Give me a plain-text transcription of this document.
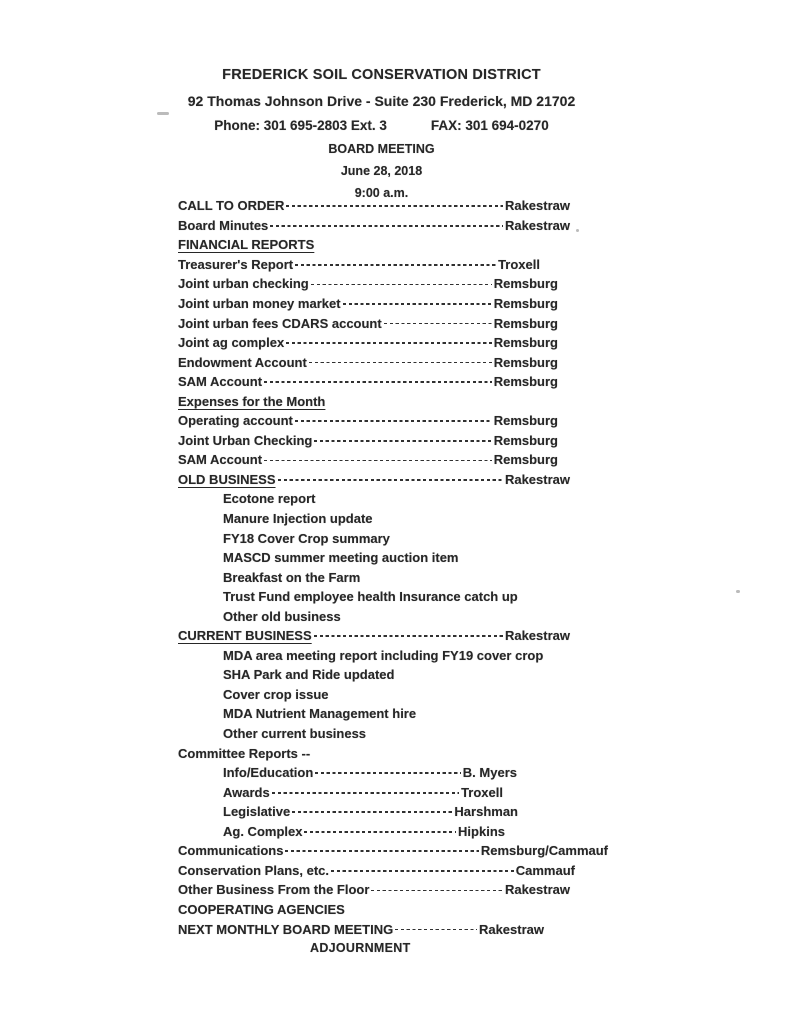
FREDERICK SOIL CONSERVATION DISTRICT
92 Thomas Johnson Drive - Suite 230 Frederick, MD 21702
Phone: 301 695-2803 Ext. 3	FAX: 301 694-0270
BOARD MEETING
June 28, 2018
9:00 a.m.
CALL TO ORDER	Rakestraw
Board Minutes	Rakestraw
FINANCIAL REPORTS
Treasurer's Report	Troxell
Joint urban checking	Remsburg
Joint urban money market	Remsburg
Joint urban fees CDARS account	Remsburg
Joint ag complex	Remsburg
Endowment Account	Remsburg
SAM Account	Remsburg
Expenses for the Month
Operating account	Remsburg
Joint Urban Checking	Remsburg
SAM Account	Remsburg
OLD BUSINESS	Rakestraw
Ecotone report
Manure Injection update
FY18 Cover Crop summary
MASCD summer meeting auction item
Breakfast on the Farm
Trust Fund employee health Insurance catch up
Other old business
CURRENT BUSINESS	Rakestraw
MDA area meeting report including FY19 cover crop
SHA Park and Ride updated
Cover crop issue
MDA Nutrient Management hire
Other current business
Committee Reports --
Info/Education	B. Myers
Awards	Troxell
Legislative	Harshman
Ag. Complex	Hipkins
Communications	Remsburg/Cammauf
Conservation Plans, etc.	Cammauf
Other Business From the Floor	Rakestraw
COOPERATING AGENCIES
NEXT MONTHLY BOARD MEETING	Rakestraw
ADJOURNMENT
